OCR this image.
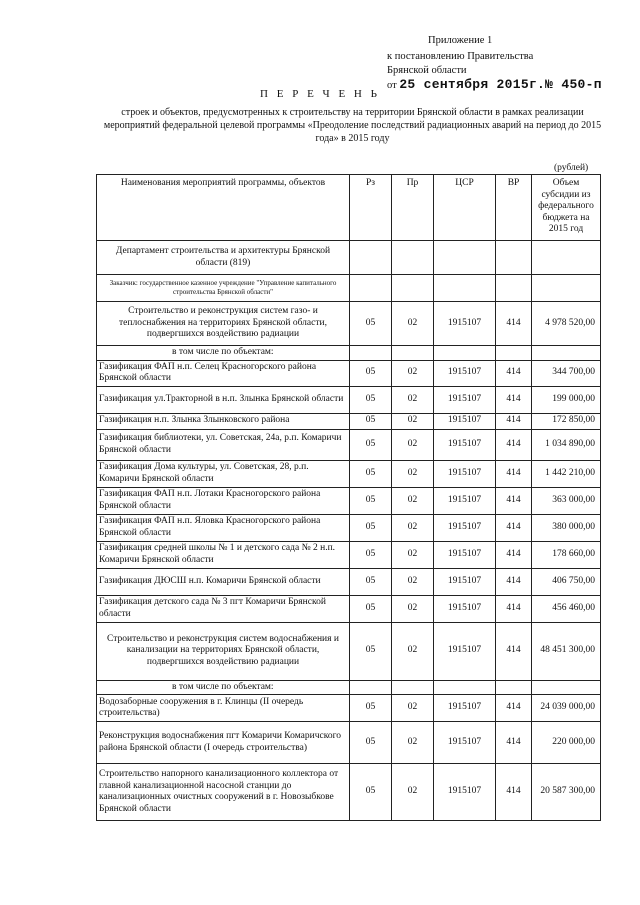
Приложение 1
к постановлению Правительства
Брянской области
от 25 сентября 2015г.№ 450-п
П Е Р Е Ч Е Н Ь
строек и объектов, предусмотренных к строительству на территории Брянской области в рамках реализации мероприятий федеральной целевой программы «Преодоление последствий радиационных аварий на период до 2015 года» в 2015 году
(рублей)
Наименования мероприятий программы, объектов	Рз	Пр	ЦСР	ВР	Объем субсидии из федерального бюджета на 2015 год
Департамент строительства и архитектуры Брянской области (819)					
Заказчик: государственное казенное учреждение "Управление капитального строительства Брянской области"					
Строительство и реконструкция систем газо- и теплоснабжения на территориях Брянской области, подвергшихся воздействию радиации	05	02	1915107	414	4 978 520,00
в том числе по объектам:					
Газификация ФАП н.п. Селец Красногорского района Брянской области	05	02	1915107	414	344 700,00
Газификация ул.Тракторной в н.п. Злынка Брянской области	05	02	1915107	414	199 000,00
Газификация н.п. Злынка Злынковского района	05	02	1915107	414	172 850,00
Газификация библиотеки, ул. Советская, 24а, р.п. Комаричи Брянской области	05	02	1915107	414	1 034 890,00
Газификация Дома культуры, ул. Советская, 28, р.п. Комаричи Брянской области	05	02	1915107	414	1 442 210,00
Газификация ФАП н.п. Лотаки Красногорского района Брянской области	05	02	1915107	414	363 000,00
Газификация ФАП н.п. Яловка Красногорского района Брянской области	05	02	1915107	414	380 000,00
Газификация средней школы № 1 и детского сада № 2 н.п. Комаричи Брянской области	05	02	1915107	414	178 660,00
Газификация ДЮСШ н.п. Комаричи Брянской области	05	02	1915107	414	406 750,00
Газификация детского сада № 3 пгт Комаричи Брянской области	05	02	1915107	414	456 460,00
Строительство и реконструкция систем водоснабжения и канализации на территориях Брянской области, подвергшихся воздействию радиации	05	02	1915107	414	48 451 300,00
в том числе по объектам:					
Водозаборные сооружения в г. Клинцы (II очередь строительства)	05	02	1915107	414	24 039 000,00
Реконструкция водоснабжения пгт Комаричи Комаричского района Брянской области (I очередь строительства)	05	02	1915107	414	220 000,00
Строительство напорного канализационного коллектора от главной канализационной насосной станции до канализационных очистных сооружений в г. Новозыбкове Брянской области	05	02	1915107	414	20 587 300,00
